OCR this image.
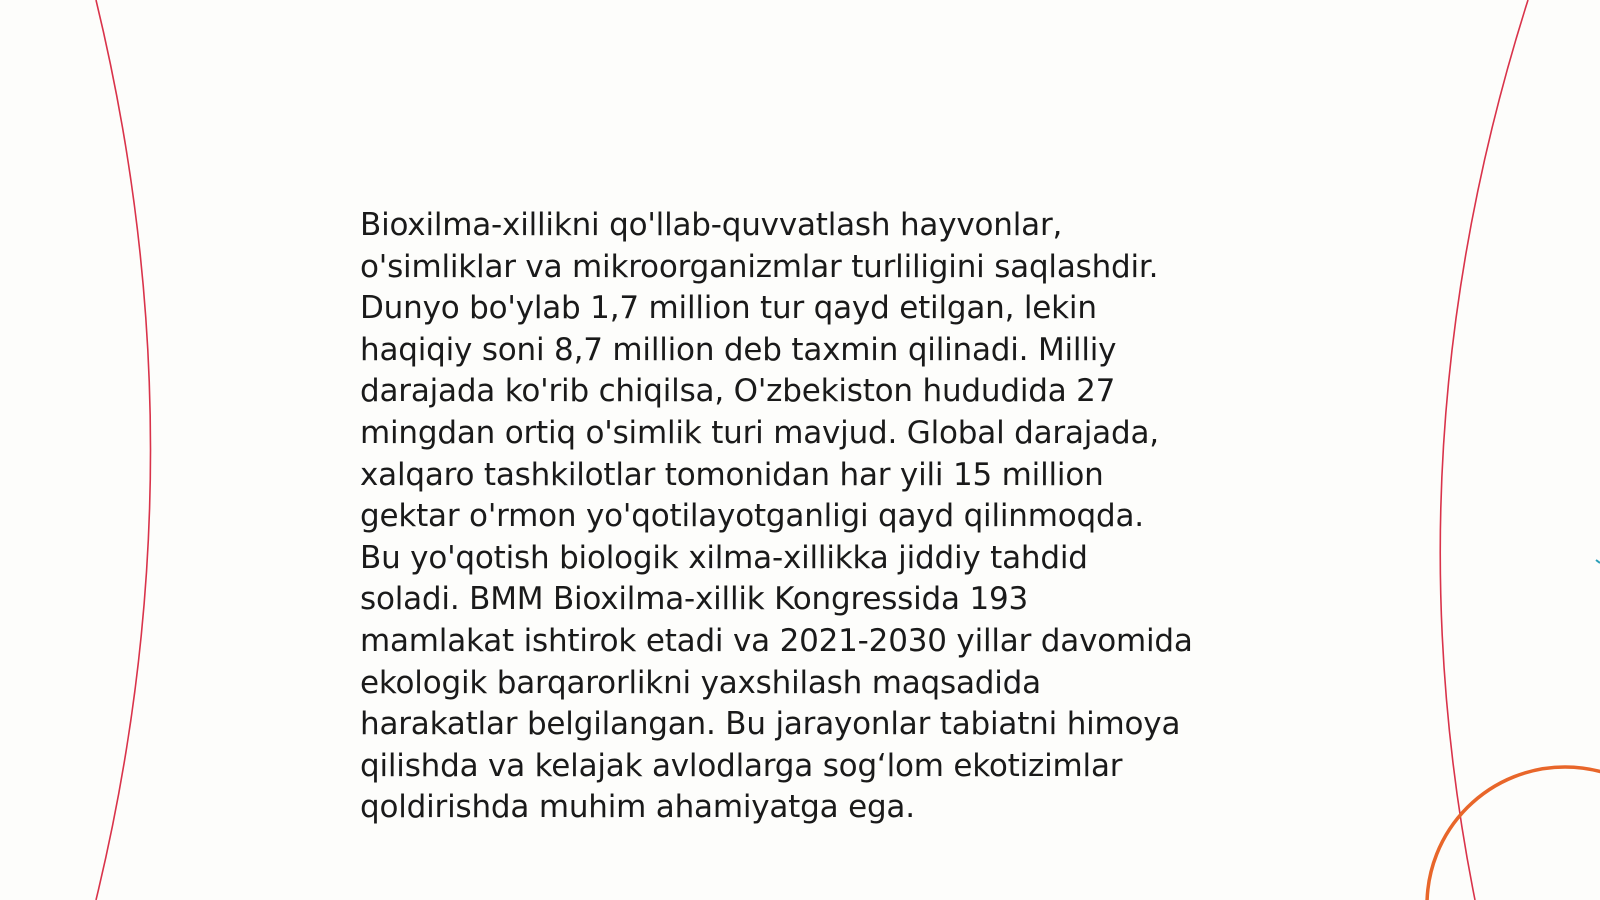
Bioxilma-xillikni qo'llab-quvvatlash hayvonlar,
o'simliklar va mikroorganizmlar turliligini saqlashdir.
Dunyo bo'ylab 1,7 million tur qayd etilgan, lekin
haqiqiy soni 8,7 million deb taxmin qilinadi. Milliy
darajada ko'rib chiqilsa, O'zbekiston hududida 27
mingdan ortiq o'simlik turi mavjud. Global darajada,
xalqaro tashkilotlar tomonidan har yili 15 million
gektar o'rmon yo'qotilayotganligi qayd qilinmoqda.
Bu yo'qotish biologik xilma-xillikka jiddiy tahdid
soladi. BMM Bioxilma-xillik Kongressida 193
mamlakat ishtirok etadi va 2021-2030 yillar davomida
ekologik barqarorlikni yaxshilash maqsadida
harakatlar belgilangan. Bu jarayonlar tabiatni himoya
qilishda va kelajak avlodlarga sog‘lom ekotizimlar
qoldirishda muhim ahamiyatga ega.
